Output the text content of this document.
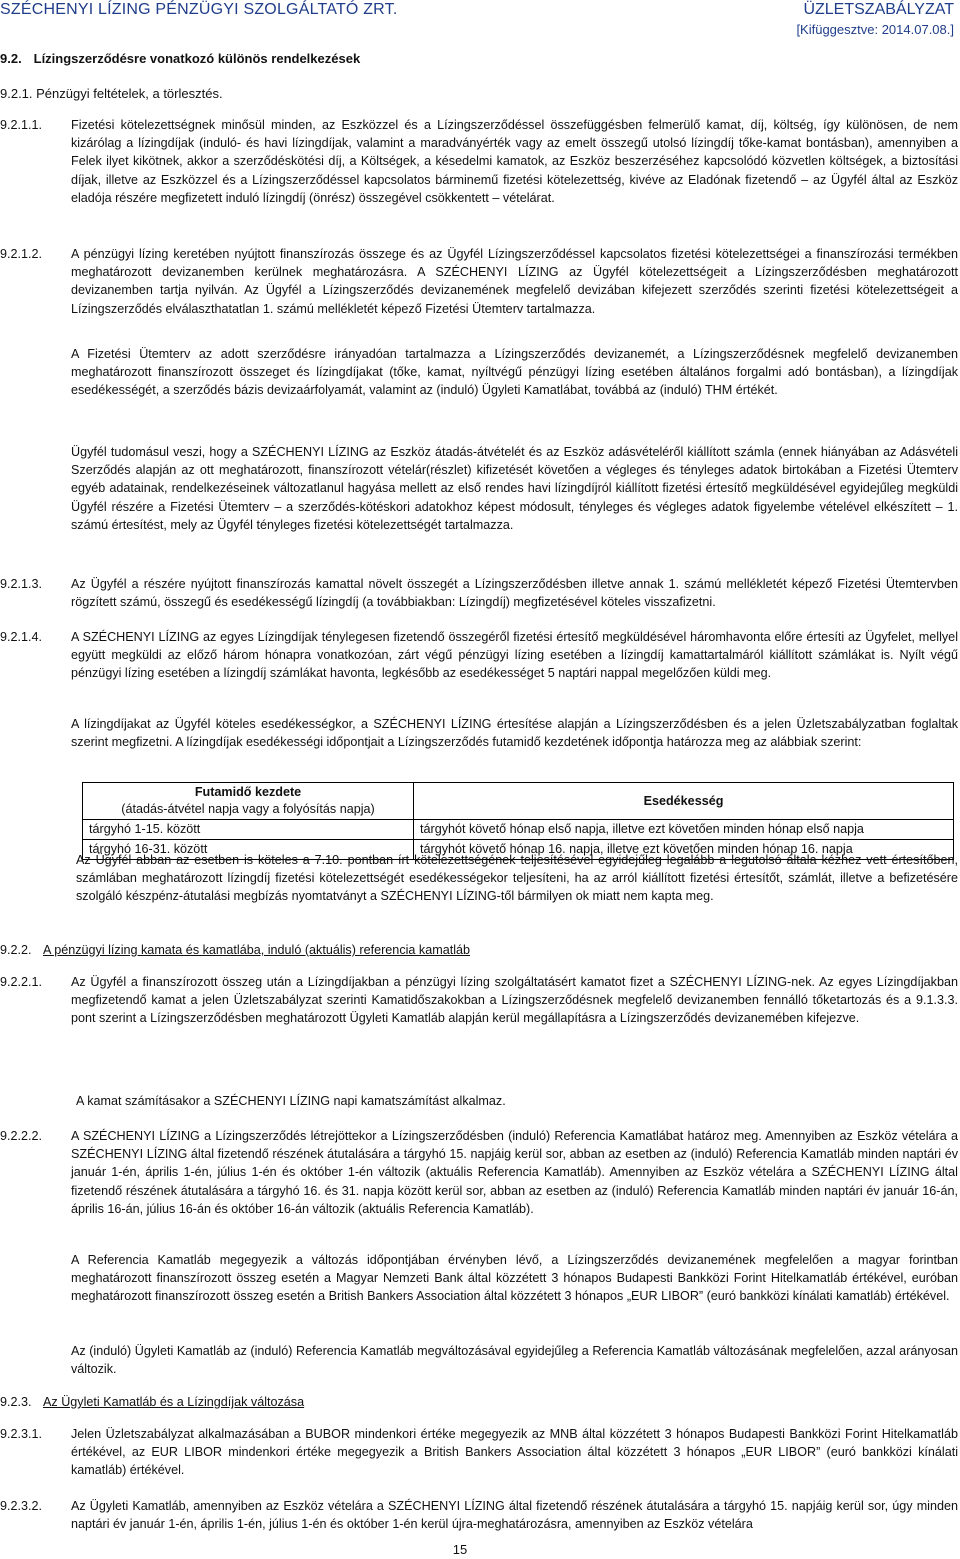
SZÉCHENYI LÍZING PÉNZÜGYI SZOLGÁLTATÓ ZRT.	ÜZLETSZABÁLYZAT
[Kifüggesztve: 2014.07.08.]
9.2. Lízingszerződésre vonatkozó különös rendelkezések
9.2.1. Pénzügyi feltételek, a törlesztés.
9.2.1.1.	Fizetési kötelezettségnek minősül minden, az Eszközzel és a Lízingszerződéssel összefüggésben felmerülő kamat, díj, költség, így különösen, de nem kizárólag a lízingdíjak (induló- és havi lízingdíjak, valamint a maradványérték vagy az emelt összegű utolsó lízingdíj tőke-kamat bontásban), amennyiben a Felek ilyet kikötnek, akkor a szerződéskötési díj, a Költségek, a késedelmi kamatok, az Eszköz beszerzéséhez kapcsolódó közvetlen költségek, a biztosítási díjak, illetve az Eszközzel és a Lízingszerződéssel kapcsolatos bárminemű fizetési kötelezettség, kivéve az Eladónak fizetendő – az Ügyfél által az Eszköz eladója részére megfizetett induló lízingdíj (önrész) összegével csökkentett – vételárat.
9.2.1.2.	A pénzügyi lízing keretében nyújtott finanszírozás összege és az Ügyfél Lízingszerződéssel kapcsolatos fizetési kötelezettségei a finanszírozási termékben meghatározott devizanemben kerülnek meghatározásra. A SZÉCHENYI LÍZING az Ügyfél kötelezettségeit a Lízingszerződésben meghatározott devizanemben tartja nyilván. Az Ügyfél a Lízingszerződés devizanemének megfelelő devizában kifejezett szerződés szerinti fizetési kötelezettségeit a Lízingszerződés elválaszthatatlan 1. számú mellékletét képező Fizetési Ütemterv tartalmazza.
A Fizetési Ütemterv az adott szerződésre irányadóan tartalmazza a Lízingszerződés devizanemét, a Lízingszerződésnek megfelelő devizanemben meghatározott finanszírozott összeget és lízingdíjakat (tőke, kamat, nyíltvégű pénzügyi lízing esetében általános forgalmi adó bontásban), a lízingdíjak esedékességét, a szerződés bázis devizaárfolyamát, valamint az (induló) Ügyleti Kamatlábat, továbbá az (induló) THM értékét.
Ügyfél tudomásul veszi, hogy a SZÉCHENYI LÍZING az Eszköz átadás-átvételét és az Eszköz adásvételéről kiállított számla (ennek hiányában az Adásvételi Szerződés alapján az ott meghatározott, finanszírozott vételár(részlet) kifizetését követően a végleges és tényleges adatok birtokában a Fizetési Ütemterv egyéb adatainak, rendelkezéseinek változatlanul hagyása mellett az első rendes havi lízingdíjról kiállított fizetési értesítő megküldésével egyidejűleg megküldi Ügyfél részére a Fizetési Ütemterv – a szerződés-kötéskori adatokhoz képest módosult, tényleges és végleges adatok figyelembe vételével elkészített – 1. számú értesítést, mely az Ügyfél tényleges fizetési kötelezettségét tartalmazza.
9.2.1.3.	Az Ügyfél a részére nyújtott finanszírozás kamattal növelt összegét a Lízingszerződésben illetve annak 1. számú mellékletét képező Fizetési Ütemtervben rögzített számú, összegű és esedékességű lízingdíj (a továbbiakban: Lízingdíj) megfizetésével köteles visszafizetni.
9.2.1.4.	A SZÉCHENYI LÍZING az egyes Lízingdíjak ténylegesen fizetendő összegéről fizetési értesítő megküldésével háromhavonta előre értesíti az Ügyfelet, mellyel együtt megküldi az előző három hónapra vonatkozóan, zárt végű pénzügyi lízing esetében a lízingdíj kamattartalmáról kiállított számlákat is. Nyílt végű pénzügyi lízing esetében a lízingdíj számlákat havonta, legkésőbb az esedékességet 5 naptári nappal megelőzően küldi meg.
A lízingdíjakat az Ügyfél köteles esedékességkor, a SZÉCHENYI LÍZING értesítése alapján a Lízingszerződésben és a jelen Üzletszabályzatban foglaltak szerint megfizetni. A lízingdíjak esedékességi időpontjait a Lízingszerződés futamidő kezdetének időpontja határozza meg az alábbiak szerint:
Futamidő kezdete
(átadás-átvétel napja vagy a folyósítás napja)	Esedékesség
tárgyhó 1-15. között	tárgyhót követő hónap első napja, illetve ezt követően minden hónap első napja
tárgyhó 16-31. között	tárgyhót követő hónap 16. napja, illetve ezt követően minden hónap 16. napja
Az Ügyfél abban az esetben is köteles a 7.10. pontban írt kötelezettségének teljesítésével egyidejűleg legalább a legutolsó általa kézhez vett értesítőben, számlában meghatározott lízingdíj fizetési kötelezettségét esedékességekor teljesíteni, ha az arról kiállított fizetési értesítőt, számlát, illetve a befizetésére szolgáló készpénz-átutalási megbízás nyomtatványt a SZÉCHENYI LÍZING-től bármilyen ok miatt nem kapta meg.
9.2.2. A pénzügyi lízing kamata és kamatlába, induló (aktuális) referencia kamatláb
9.2.2.1.	Az Ügyfél a finanszírozott összeg után a Lízingdíjakban a pénzügyi lízing szolgáltatásért kamatot fizet a SZÉCHENYI LÍZING-nek. Az egyes Lízingdíjakban megfizetendő kamat a jelen Üzletszabályzat szerinti Kamatidőszakokban a Lízingszerződésnek megfelelő devizanemben fennálló tőketartozás és a 9.1.3.3. pont szerint a Lízingszerződésben meghatározott Ügyleti Kamatláb alapján kerül megállapításra a Lízingszerződés devizanemében kifejezve.
A kamat számításakor a SZÉCHENYI LÍZING napi kamatszámítást alkalmaz.
9.2.2.2.	A SZÉCHENYI LÍZING a Lízingszerződés létrejöttekor a Lízingszerződésben (induló) Referencia Kamatlábat határoz meg. Amennyiben az Eszköz vételára a SZÉCHENYI LÍZING által fizetendő részének átutalására a tárgyhó 15. napjáig kerül sor, abban az esetben az (induló) Referencia Kamatláb minden naptári év január 1-én, április 1-én, július 1-én és október 1-én változik (aktuális Referencia Kamatláb). Amennyiben az Eszköz vételára a SZÉCHENYI LÍZING által fizetendő részének átutalására a tárgyhó 16. és 31. napja között kerül sor, abban az esetben az (induló) Referencia Kamatláb minden naptári év január 16-án, április 16-án, július 16-án és október 16-án változik (aktuális Referencia Kamatláb).
A Referencia Kamatláb megegyezik a változás időpontjában érvényben lévő, a Lízingszerződés devizanemének megfelelően a magyar forintban meghatározott finanszírozott összeg esetén a Magyar Nemzeti Bank által közzétett 3 hónapos Budapesti Bankközi Forint Hitelkamatláb értékével, euróban meghatározott finanszírozott összeg esetén a British Bankers Association által közzétett 3 hónapos „EUR LIBOR” (euró bankközi kínálati kamatláb) értékével.
Az (induló) Ügyleti Kamatláb az (induló) Referencia Kamatláb megváltozásával egyidejűleg a Referencia Kamatláb változásának megfelelően, azzal arányosan változik.
9.2.3. Az Ügyleti Kamatláb és a Lízingdíjak változása
9.2.3.1.	Jelen Üzletszabályzat alkalmazásában a BUBOR mindenkori értéke megegyezik az MNB által közzétett 3 hónapos Budapesti Bankközi Forint Hitelkamatláb értékével, az EUR LIBOR mindenkori értéke megegyezik a British Bankers Association által közzétett 3 hónapos „EUR LIBOR” (euró bankközi kínálati kamatláb) értékével.
9.2.3.2.	Az Ügyleti Kamatláb, amennyiben az Eszköz vételára a SZÉCHENYI LÍZING által fizetendő részének átutalására a tárgyhó 15. napjáig kerül sor, úgy minden naptári év január 1-én, április 1-én, július 1-én és október 1-én kerül újra-meghatározásra, amennyiben az Eszköz vételára
15
